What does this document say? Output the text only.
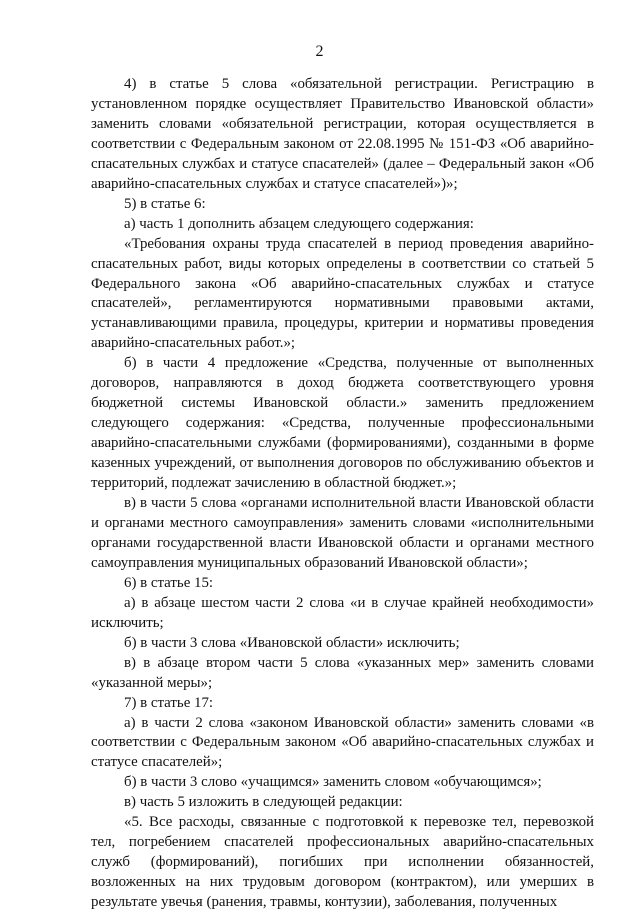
2

4) в статье 5 слова «обязательной регистрации. Регистрацию в установленном порядке осуществляет Правительство Ивановской области» заменить словами «обязательной регистрации, которая осуществляется в соответствии с Федеральным законом от 22.08.1995 № 151-ФЗ «Об аварийно-спасательных службах и статусе спасателей» (далее – Федеральный закон «Об аварийно-спасательных службах и статусе спасателей»)»;

5) в статье 6:

а) часть 1 дополнить абзацем следующего содержания:

«Требования охраны труда спасателей в период проведения аварийно-спасательных работ, виды которых определены в соответствии со статьей 5 Федерального закона «Об аварийно-спасательных службах и статусе спасателей», регламентируются нормативными правовыми актами, устанавливающими правила, процедуры, критерии и нормативы проведения аварийно-спасательных работ.»;

б) в части 4 предложение «Средства, полученные от выполненных договоров, направляются в доход бюджета соответствующего уровня бюджетной системы Ивановской области.» заменить предложением следующего содержания: «Средства, полученные профессиональными аварийно-спасательными службами (формированиями), созданными в форме казенных учреждений, от выполнения договоров по обслуживанию объектов и территорий, подлежат зачислению в областной бюджет.»;

в) в части 5 слова «органами исполнительной власти Ивановской области и органами местного самоуправления» заменить словами «исполнительными органами государственной власти Ивановской области и органами местного самоуправления муниципальных образований Ивановской области»;

6) в статье 15:

а) в абзаце шестом части 2 слова «и в случае крайней необходимости» исключить;

б) в части 3 слова «Ивановской области» исключить;

в) в абзаце втором части 5 слова «указанных мер» заменить словами «указанной меры»;

7) в статье 17:

а) в части 2 слова «законом Ивановской области» заменить словами «в соответствии с Федеральным законом «Об аварийно-спасательных службах и статусе спасателей»;

б) в части 3 слово «учащимся» заменить словом «обучающимся»;

в) часть 5 изложить в следующей редакции:

«5. Все расходы, связанные с подготовкой к перевозке тел, перевозкой тел, погребением спасателей профессиональных аварийно-спасательных служб (формирований), погибших при исполнении обязанностей, возложенных на них трудовым договором (контрактом), или умерших в результате увечья (ранения, травмы, контузии), заболевания, полученных
